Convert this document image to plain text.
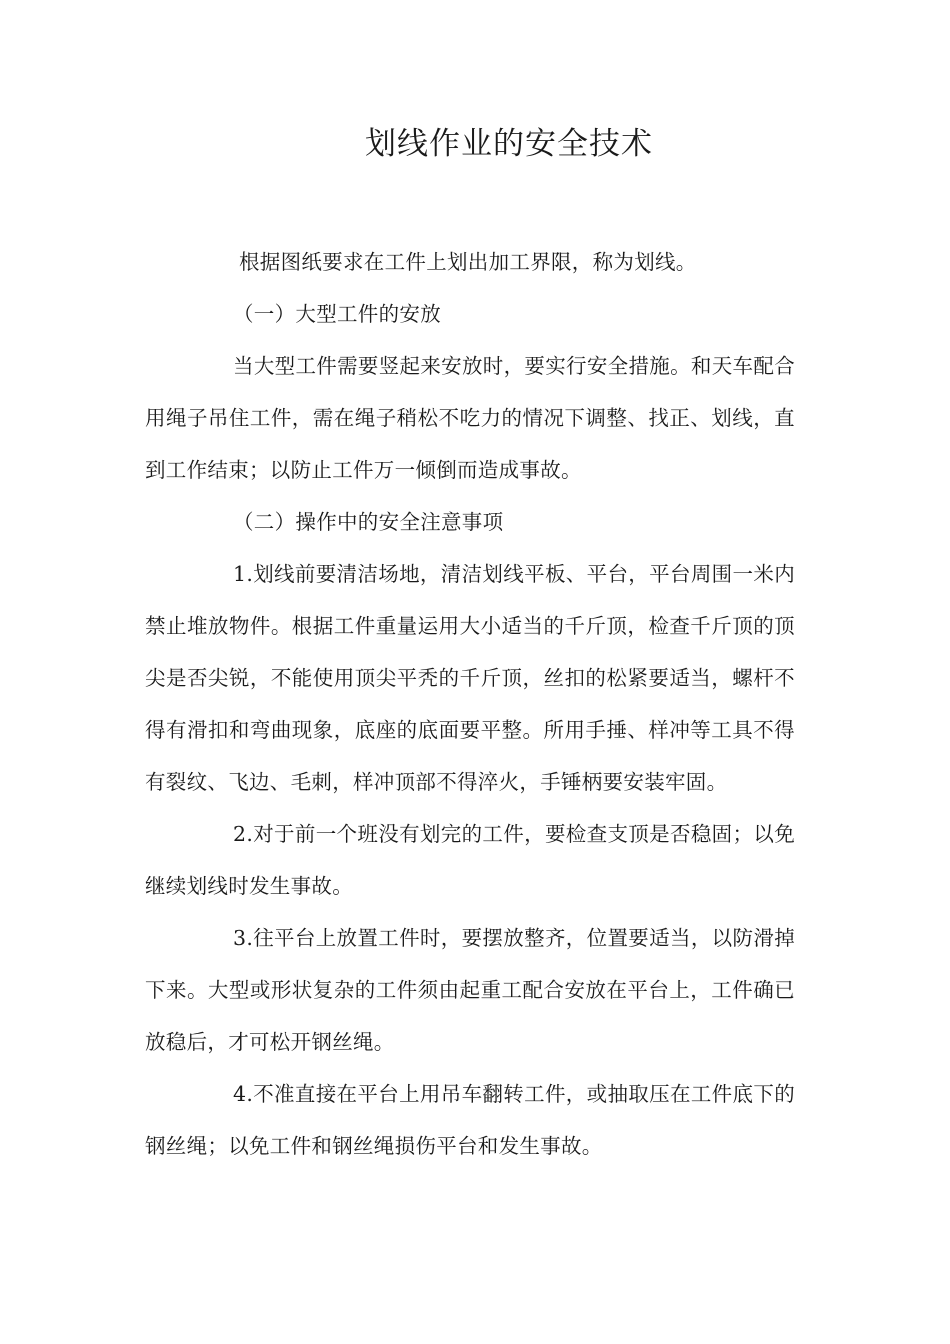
划线作业的安全技术

根据图纸要求在工件上划出加工界限，称为划线。

（一）大型工件的安放

当大型工件需要竖起来安放时，要实行安全措施。和天车配合用绳子吊住工件，需在绳子稍松不吃力的情况下调整、找正、划线，直到工作结束；以防止工件万一倾倒而造成事故。

（二）操作中的安全注意事项

1.划线前要清洁场地，清洁划线平板、平台，平台周围一米内禁止堆放物件。根据工件重量运用大小适当的千斤顶，检查千斤顶的顶尖是否尖锐，不能使用顶尖平秃的千斤顶，丝扣的松紧要适当，螺杆不得有滑扣和弯曲现象，底座的底面要平整。所用手捶、样冲等工具不得有裂纹、飞边、毛刺，样冲顶部不得淬火，手锤柄要安装牢固。

2.对于前一个班没有划完的工件，要检查支顶是否稳固；以免继续划线时发生事故。

3.往平台上放置工件时，要摆放整齐，位置要适当，以防滑掉下来。大型或形状复杂的工件须由起重工配合安放在平台上，工件确已放稳后，才可松开钢丝绳。

4.不准直接在平台上用吊车翻转工件，或抽取压在工件底下的钢丝绳；以免工件和钢丝绳损伤平台和发生事故。
